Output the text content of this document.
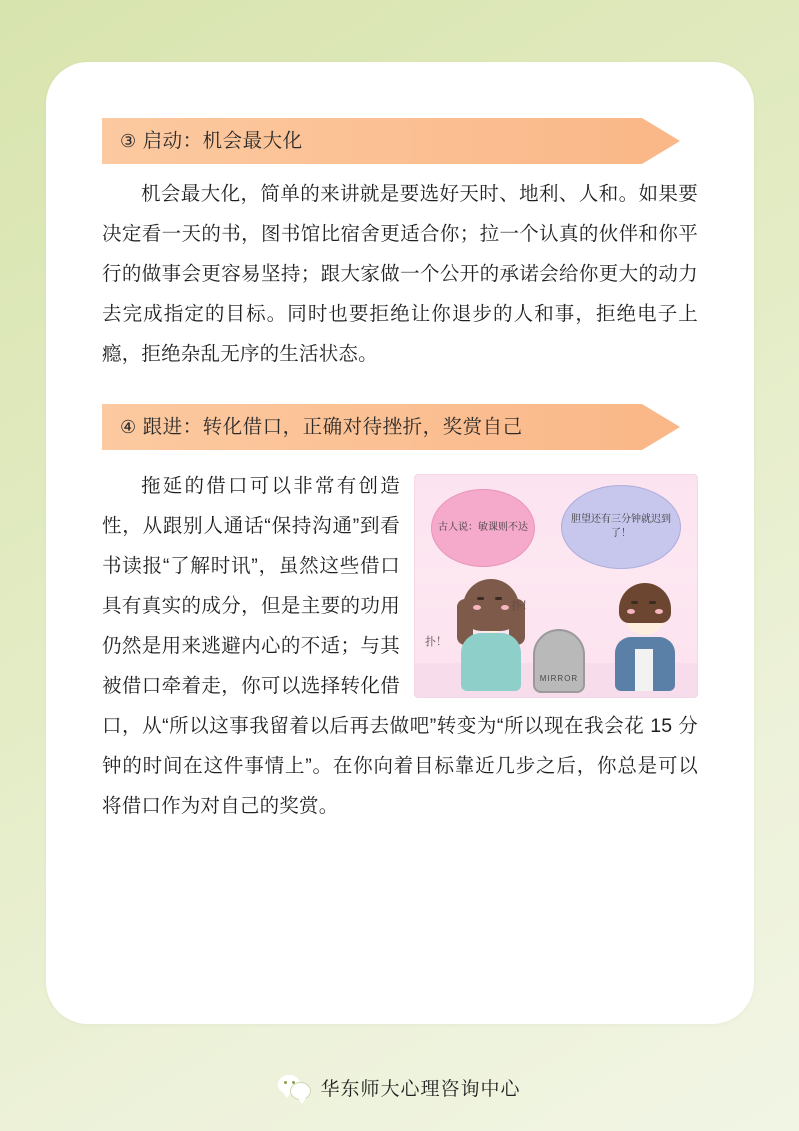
③ 启动：机会最大化

机会最大化，简单的来讲就是要选好天时、地利、人和。如果要决定看一天的书，图书馆比宿舍更适合你；拉一个认真的伙伴和你平行的做事会更容易坚持；跟大家做一个公开的承诺会给你更大的动力去完成指定的目标。同时也要拒绝让你退步的人和事，拒绝电子上瘾，拒绝杂乱无序的生活状态。

④ 跟进：转化借口，正确对待挫折，奖赏自己
古人说：敏课则不达
胆望还有三分钟就迟到了！
MIRROR
扑！
扑！

拖延的借口可以非常有创造性，从跟别人通话“保持沟通”到看书读报“了解时讯”，虽然这些借口具有真实的成分，但是主要的功用仍然是用来逃避内心的不适；与其被借口牵着走，你可以选择转化借口，从“所以这事我留着以后再去做吧”转变为“所以现在我会花 15 分钟的时间在这件事情上”。在你向着目标靠近几步之后，你总是可以将借口作为对自己的奖赏。

华东师大心理咨询中心
